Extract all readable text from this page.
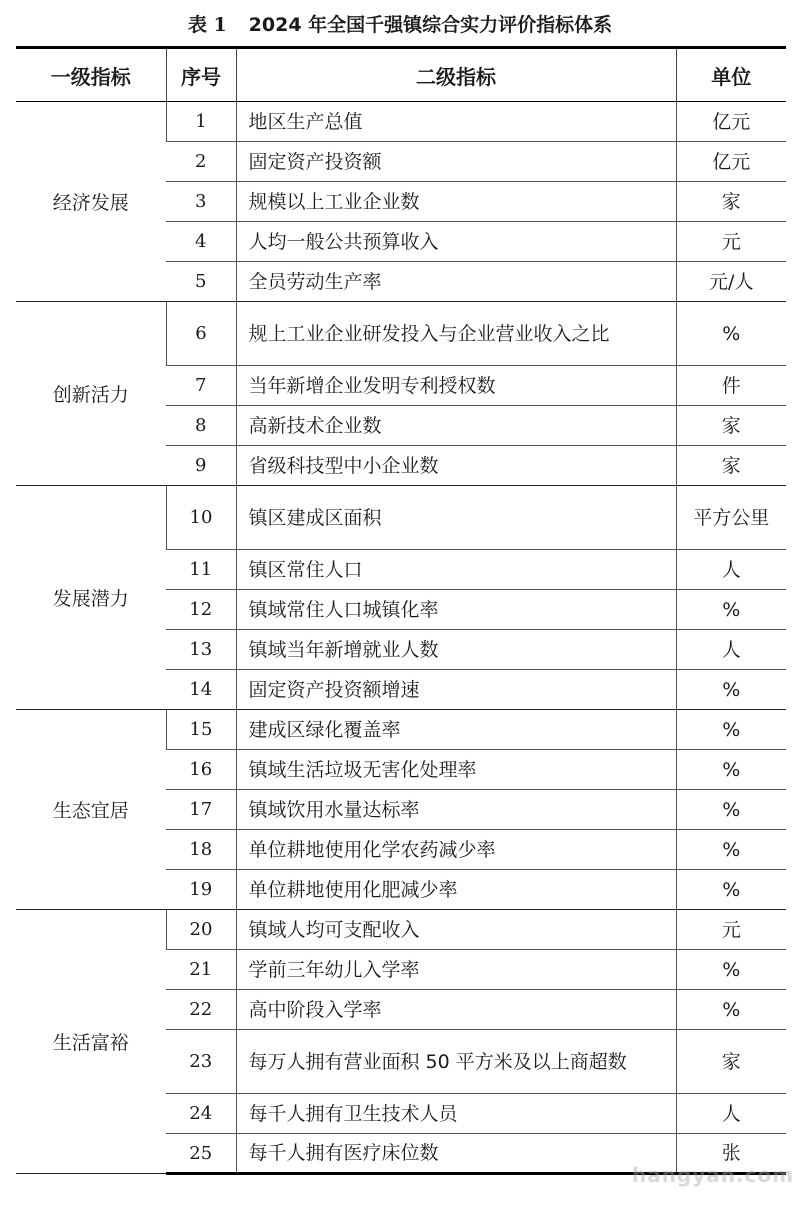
表 1 2024 年全国千强镇综合实力评价指标体系
一级指标	序号	二级指标	单位
经济发展	1	地区生产总值	亿元
	2	固定资产投资额	亿元
	3	规模以上工业企业数	家
	4	人均一般公共预算收入	元
	5	全员劳动生产率	元/人
创新活力	6	规上工业企业研发投入与企业营业收入之比	%
	7	当年新增企业发明专利授权数	件
	8	高新技术企业数	家
	9	省级科技型中小企业数	家
发展潜力	10	镇区建成区面积	平方公里
	11	镇区常住人口	人
	12	镇域常住人口城镇化率	%
	13	镇域当年新增就业人数	人
	14	固定资产投资额增速	%
生态宜居	15	建成区绿化覆盖率	%
	16	镇域生活垃圾无害化处理率	%
	17	镇域饮用水量达标率	%
	18	单位耕地使用化学农药减少率	%
	19	单位耕地使用化肥减少率	%
生活富裕	20	镇域人均可支配收入	元
	21	学前三年幼儿入学率	%
	22	高中阶段入学率	%
	23	每万人拥有营业面积 50 平方米及以上商超数	家
	24	每千人拥有卫生技术人员	人
	25	每千人拥有医疗床位数	张
hangyan.com
